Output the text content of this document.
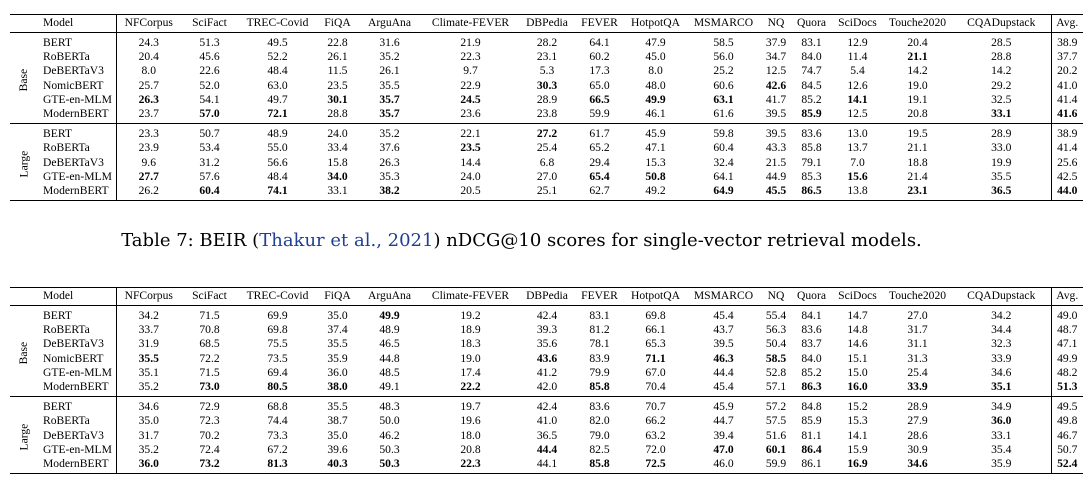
	Model	NFCorpus	SciFact	TREC-Covid	FiQA	ArguAna	Climate-FEVER	DBPedia	FEVER	HotpotQA	MSMARCO	NQ	Quora	SciDocs	Touche2020	CQADupstack	Avg.
Base	BERT	24.3	51.3	49.5	22.8	31.6	21.9	28.2	64.1	47.9	58.5	37.9	83.1	12.9	20.4	28.5	38.9
	RoBERTa	20.4	45.6	52.2	26.1	35.2	22.3	23.1	60.2	45.0	56.0	34.7	84.0	11.4	21.1	28.8	37.7
	DeBERTaV3	8.0	22.6	48.4	11.5	26.1	9.7	5.3	17.3	8.0	25.2	12.5	74.7	5.4	14.2	14.2	20.2
	NomicBERT	25.7	52.0	63.0	23.5	35.5	22.9	30.3	65.0	48.0	60.6	42.6	84.5	12.6	19.0	29.2	41.0
	GTE-en-MLM	26.3	54.1	49.7	30.1	35.7	24.5	28.9	66.5	49.9	63.1	41.7	85.2	14.1	19.1	32.5	41.4
	ModernBERT	23.7	57.0	72.1	28.8	35.7	23.6	23.8	59.9	46.1	61.6	39.5	85.9	12.5	20.8	33.1	41.6
Large	BERT	23.3	50.7	48.9	24.0	35.2	22.1	27.2	61.7	45.9	59.8	39.5	83.6	13.0	19.5	28.9	38.9
	RoBERTa	23.9	53.4	55.0	33.4	37.6	23.5	25.4	65.2	47.1	60.4	43.3	85.8	13.7	21.1	33.0	41.4
	DeBERTaV3	9.6	31.2	56.6	15.8	26.3	14.4	6.8	29.4	15.3	32.4	21.5	79.1	7.0	18.8	19.9	25.6
	GTE-en-MLM	27.7	57.6	48.4	34.0	35.3	24.0	27.0	65.4	50.8	64.1	44.9	85.3	15.6	21.4	35.5	42.5
	ModernBERT	26.2	60.4	74.1	33.1	38.2	20.5	25.1	62.7	49.2	64.9	45.5	86.5	13.8	23.1	36.5	44.0
Table 7: BEIR (Thakur et al., 2021) nDCG@10 scores for single-vector retrieval models.
	Model	NFCorpus	SciFact	TREC-Covid	FiQA	ArguAna	Climate-FEVER	DBPedia	FEVER	HotpotQA	MSMARCO	NQ	Quora	SciDocs	Touche2020	CQADupstack	Avg.
Base	BERT	34.2	71.5	69.9	35.0	49.9	19.2	42.4	83.1	69.8	45.4	55.4	84.1	14.7	27.0	34.2	49.0
	RoBERTa	33.7	70.8	69.8	37.4	48.9	18.9	39.3	81.2	66.1	43.7	56.3	83.6	14.8	31.7	34.4	48.7
	DeBERTaV3	31.9	68.5	75.5	35.5	46.5	18.3	35.6	78.1	65.3	39.5	50.4	83.7	14.6	31.1	32.3	47.1
	NomicBERT	35.5	72.2	73.5	35.9	44.8	19.0	43.6	83.9	71.1	46.3	58.5	84.0	15.1	31.3	33.9	49.9
	GTE-en-MLM	35.1	71.5	69.4	36.0	48.5	17.4	41.2	79.9	67.0	44.4	52.8	85.2	15.0	25.4	34.6	48.2
	ModernBERT	35.2	73.0	80.5	38.0	49.1	22.2	42.0	85.8	70.4	45.4	57.1	86.3	16.0	33.9	35.1	51.3
Large	BERT	34.6	72.9	68.8	35.5	48.3	19.7	42.4	83.6	70.7	45.9	57.2	84.8	15.2	28.9	34.9	49.5
	RoBERTa	35.0	72.3	74.4	38.7	50.0	19.6	41.0	82.0	66.2	44.7	57.5	85.9	15.3	27.9	36.0	49.8
	DeBERTaV3	31.7	70.2	73.3	35.0	46.2	18.0	36.5	79.0	63.2	39.4	51.6	81.1	14.1	28.6	33.1	46.7
	GTE-en-MLM	35.2	72.4	67.2	39.6	50.3	20.8	44.4	82.5	72.0	47.0	60.1	86.4	15.9	30.9	35.4	50.7
	ModernBERT	36.0	73.2	81.3	40.3	50.3	22.3	44.1	85.8	72.5	46.0	59.9	86.1	16.9	34.6	35.9	52.4
